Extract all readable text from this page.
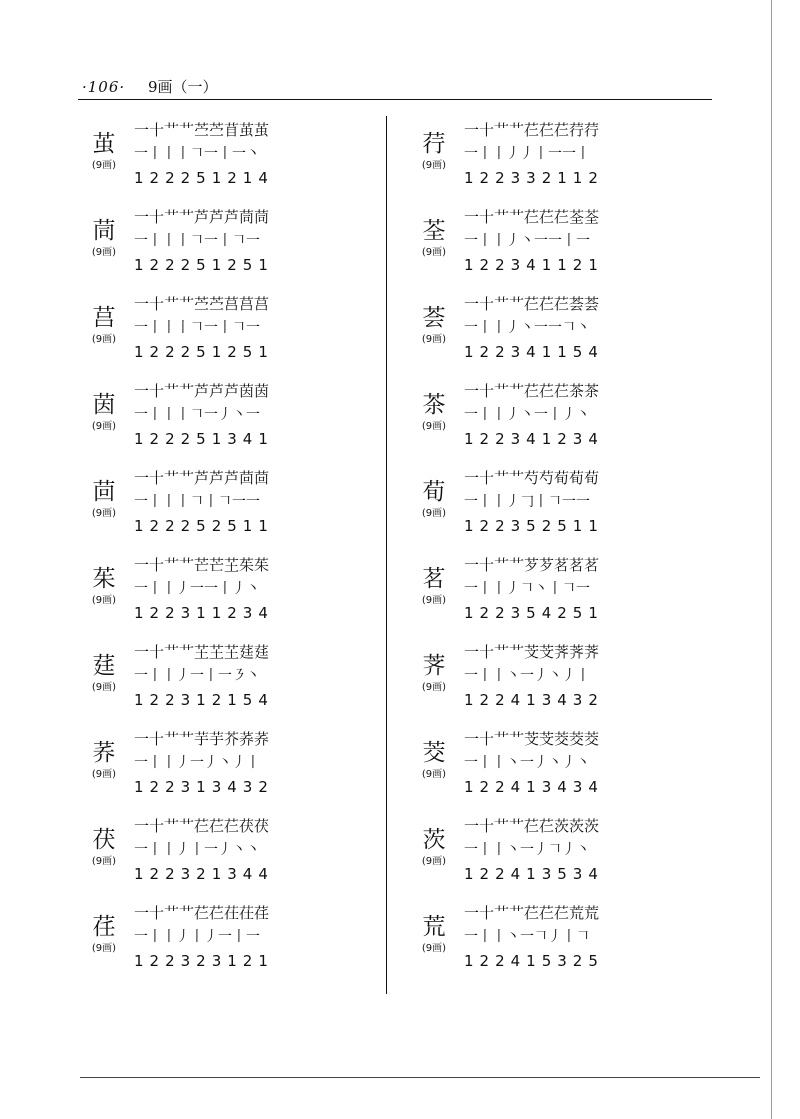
·106· 9画（一）
茧
(9画)
一十艹艹苎苎苜茧茧
一丨丨丨𠃍一丨一丶
122251214
茼
(9画)
一十艹艹芦芦芦茼茼
一丨丨丨𠃍一丨𠃍一
122251251
莒
(9画)
一十艹艹苎苎莒莒莒
一丨丨丨𠃍一丨𠃍一
122251251
茵
(9画)
一十艹艹芦芦芦茵茵
一丨丨丨𠃍一丿丶一
122251341
茴
(9画)
一十艹艹芦芦芦茴茴
一丨丨丨𠃍丨𠃍一一
122252511
茱
(9画)
一十艹艹芒芒芏茱茱
一丨丨丿一一丨丿丶
122311234
莛
(9画)
一十艹艹芏芏芏莛莛
一丨丨丿一丨一㇋丶
122312154
荞
(9画)
一十艹艹芋芋芥荞荞
一丨丨丿一丿丶丿丨
122313432
茯
(9画)
一十艹艹芢芢芢茯茯
一丨丨丿丨一丿丶丶
122321344
荏
(9画)
一十艹艹芢芢茌茌荏
一丨丨丿丨丿一丨一
122323121
荇
(9画)
一十艹艹芢芢芢荇荇
一丨丨丿丿丨一一丨
122332112
荃
(9画)
一十艹艹芢芢芢荃荃
一丨丨丿丶一一丨一
122341121
荟
(9画)
一十艹艹芢芢芢荟荟
一丨丨丿丶一一𠃍丶
122341154
茶
(9画)
一十艹艹芢芢芢茶茶
一丨丨丿丶一丨丿丶
122341234
荀
(9画)
一十艹艹芍芍荀荀荀
一丨丨丿𠃌丨𠃍一一
122352511
茗
(9画)
一十艹艹芕芕茗茗茗
一丨丨丿𠃍丶丨𠃍一
122354251
荠
(9画)
一十艹艹芠芠荠荠荠
一丨丨丶一丿丶丿丨
122413432
茭
(9画)
一十艹艹芠芠茭茭茭
一丨丨丶一丿丶丿丶
122413434
茨
(9画)
一十艹艹芢芢茨茨茨
一丨丨丶一丿𠃍丿丶
122413534
荒
(9画)
一十艹艹芢芢芢荒荒
一丨丨丶一𠃍丿丨𠃍
122415325
